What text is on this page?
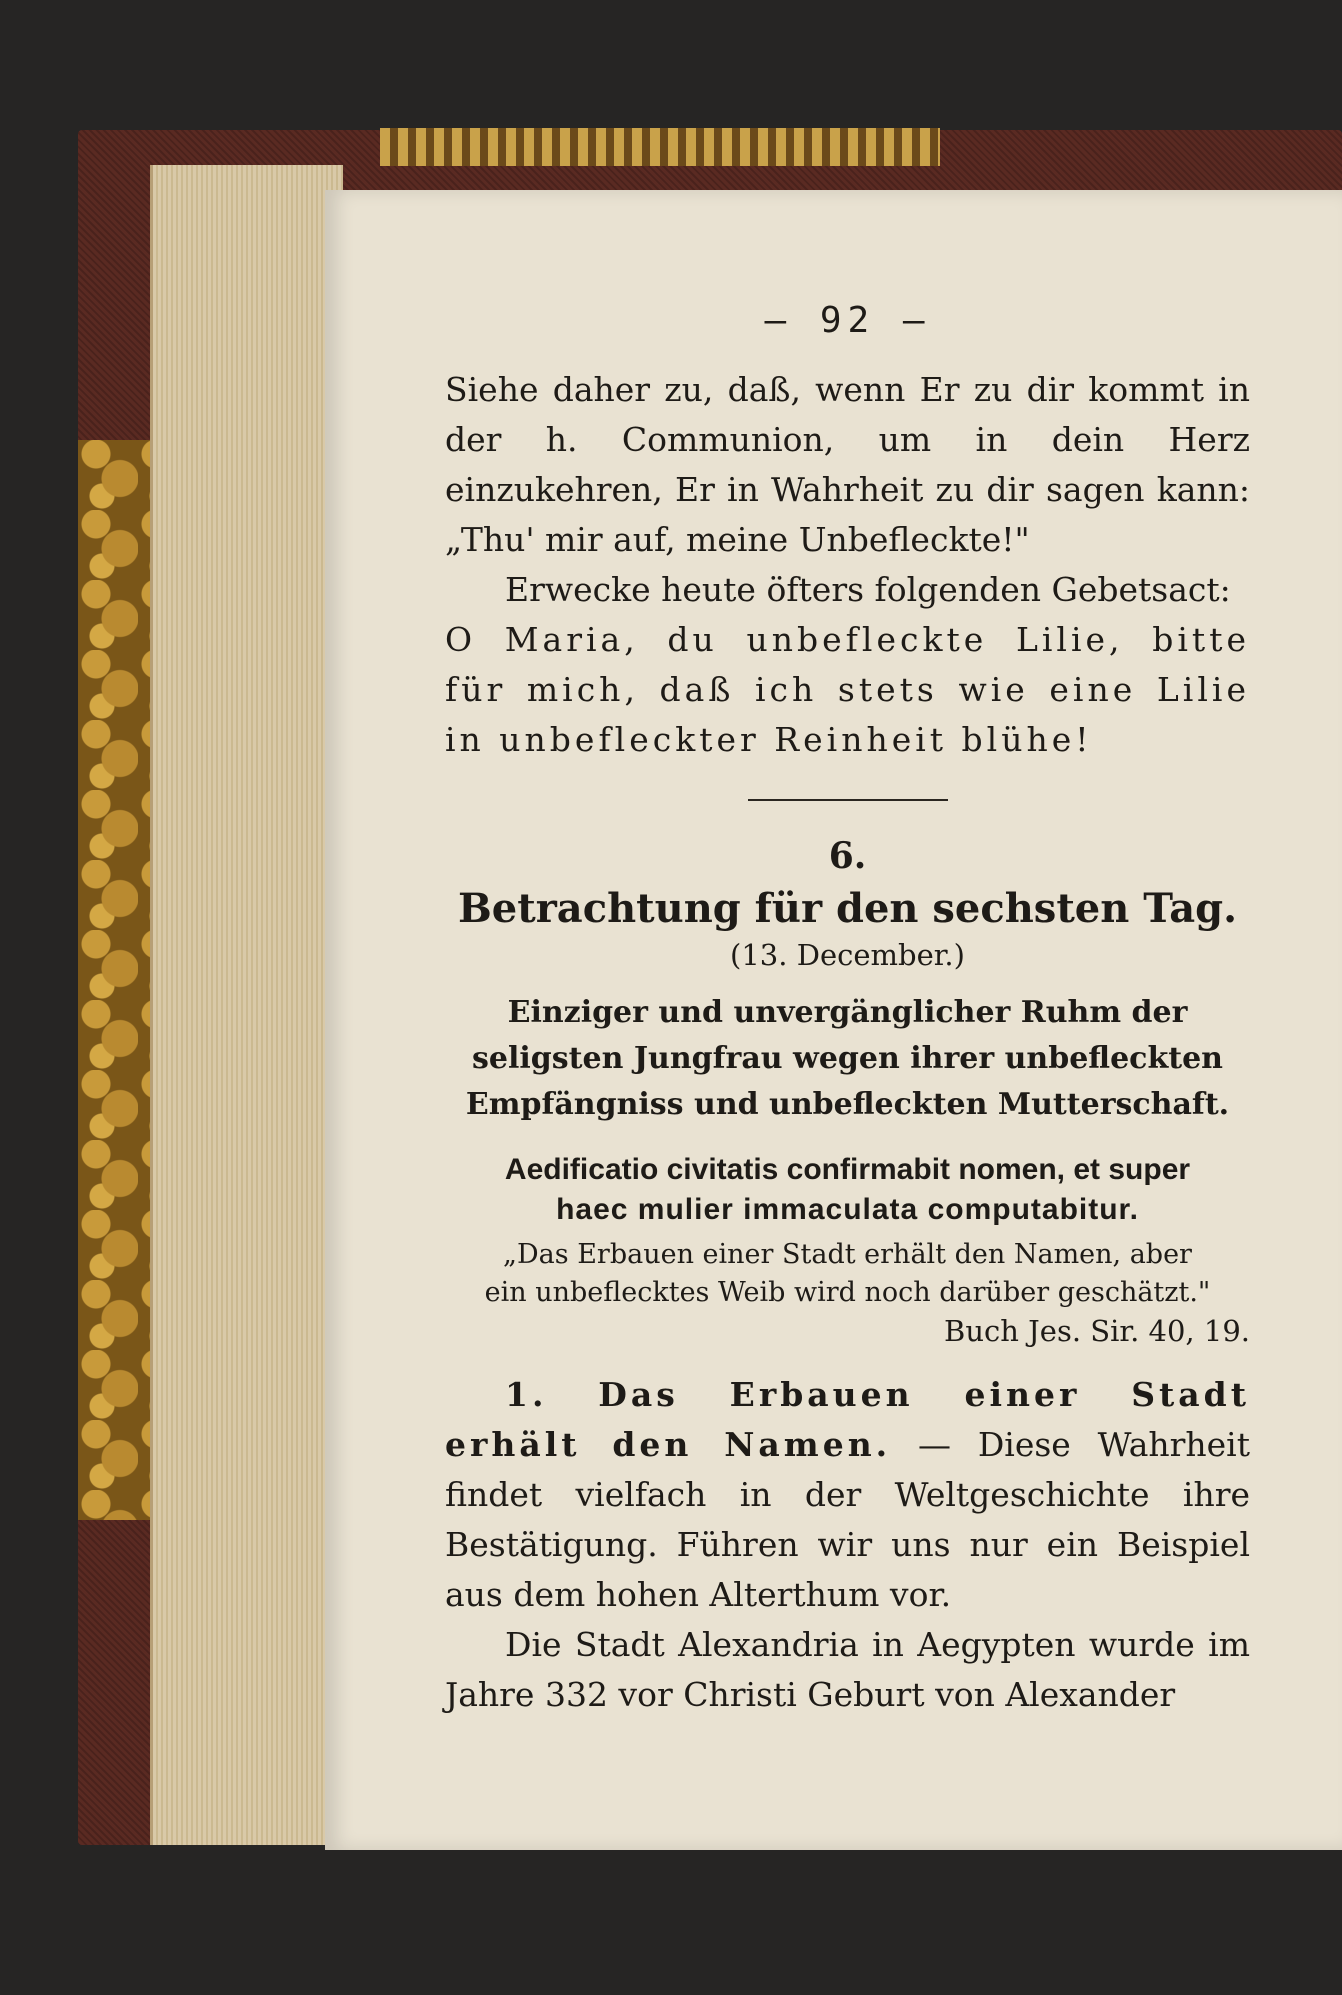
— 92 —

Siehe daher zu, daß, wenn Er zu dir kommt in der h. Communion, um in dein Herz einzukehren, Er in Wahrheit zu dir sagen kann: „Thu' mir auf, meine Unbefleckte!"

Erwecke heute öfters folgenden Gebetsact:

O Maria, du unbefleckte Lilie, bitte für mich, daß ich stets wie eine Lilie in unbefleckter Reinheit blühe!

6.

Betrachtung für den sechsten Tag.

(13. December.)

Einziger und unvergänglicher Ruhm der seligsten Jungfrau wegen ihrer unbefleckten Empfängniss und unbefleckten Mutterschaft.

Aedificatio civitatis confirmabit nomen, et super

haec mulier immaculata computabitur.

„Das Erbauen einer Stadt erhält den Namen, aber

ein unbeflecktes Weib wird noch darüber geschätzt."

Buch Jes. Sir. 40, 19.

1. Das Erbauen einer Stadt erhält den Namen. — Diese Wahrheit findet vielfach in der Weltgeschichte ihre Bestätigung. Führen wir uns nur ein Beispiel aus dem hohen Alterthum vor.

Die Stadt Alexandria in Aegypten wurde im Jahre 332 vor Christi Geburt von Alexander
